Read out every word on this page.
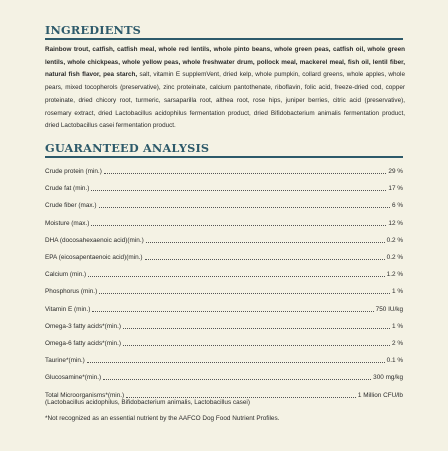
INGREDIENTS
Rainbow trout, catfish, catfish meal, whole red lentils, whole pinto beans, whole green peas, catfish oil, whole green lentils, whole chickpeas, whole yellow peas, whole freshwater drum, pollock meal, mackerel meal, fish oil, lentil fiber, natural fish flavor, pea starch, salt, vitamin E supplemVent, dried kelp, whole pumpkin, collard greens, whole apples, whole pears, mixed tocopherols (preservative), zinc proteinate, calcium pantothenate, riboflavin, folic acid, freeze-dried cod, copper proteinate, dried chicory root, turmeric, sarsaparilla root, althea root, rose hips, juniper berries, citric acid (preservative), rosemary extract, dried Lactobacillus acidophilus fermentation product, dried Bifidobacterium animalis fermentation product, dried Lactobacillus casei fermentation product.
GUARANTEED ANALYSIS
Crude protein (min.)	29 %
Crude fat (min.)	17 %
Crude fiber (max.)	6 %
Moisture (max.)	12 %
DHA (docosahexaenoic acid)(min.)	0.2 %
EPA (eicosapentaenoic acid)(min.)	0.2 %
Calcium (min.)	1.2 %
Phosphorus (min.)	1 %
Vitamin E (min.)	750 IU/kg
Omega-3 fatty acids*(min.)	1 %
Omega-6 fatty acids*(min.)	2 %
Taurine*(min.)	0.1 %
Glucosamine*(min.)	300 mg/kg
Total Microorganisms*(min.)	1 Million CFU/lb
(Lactobacillus acidophilus, Bifidobacterium animalis, Lactobacillus casei)
*Not recognized as an essential nutrient by the AAFCO Dog Food Nutrient Profiles.
